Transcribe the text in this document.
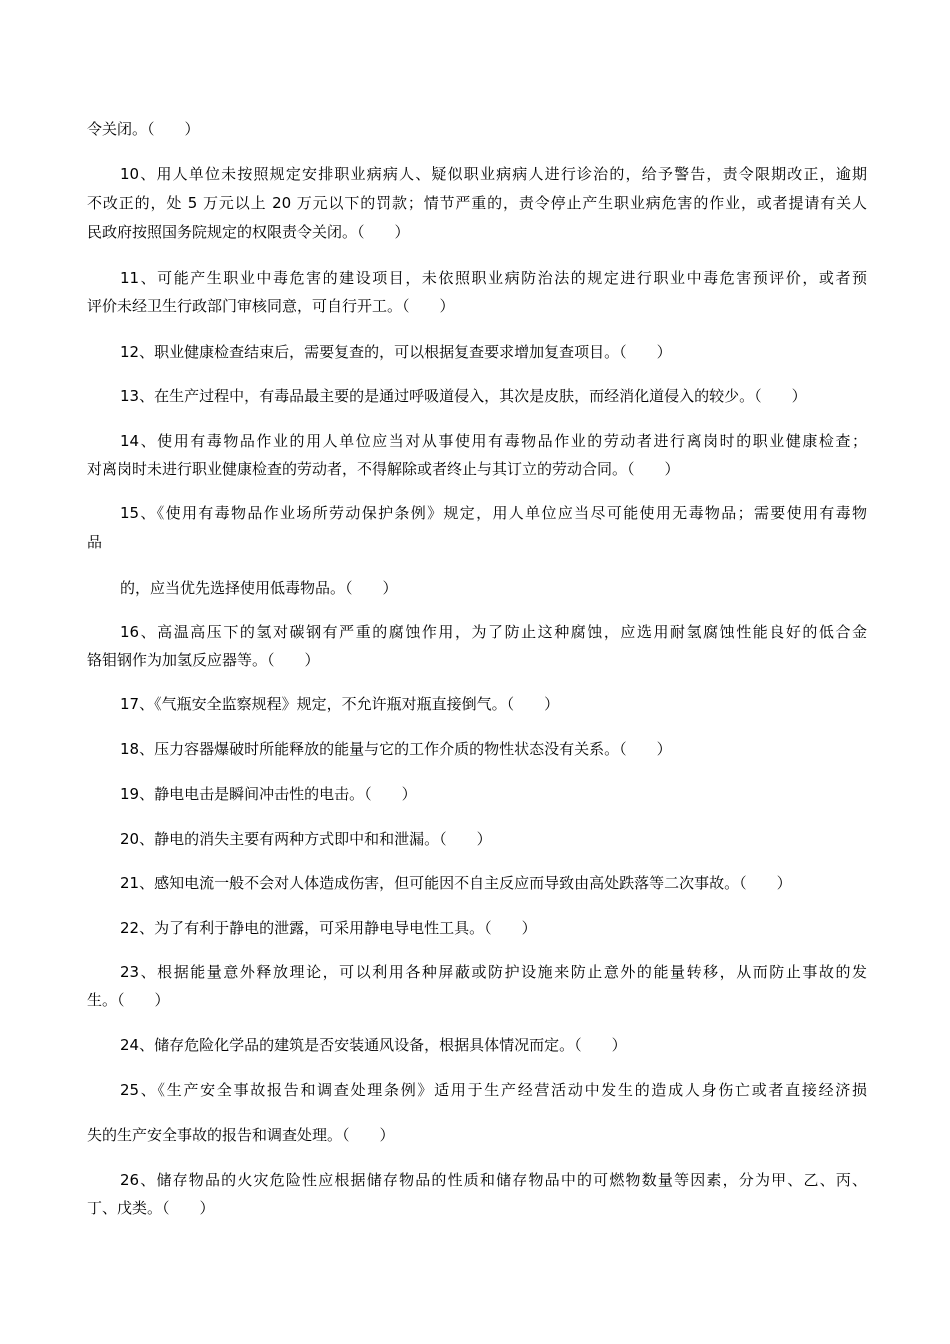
令关闭。（　　）
10、用人单位未按照规定安排职业病病人、疑似职业病病人进行诊治的，给予警告，责令限期改正，逾期
不改正的，处 5 万元以上 20 万元以下的罚款；情节严重的，责令停止产生职业病危害的作业，或者提请有关人
民政府按照国务院规定的权限责令关闭。（　　）
11、可能产生职业中毒危害的建设项目，未依照职业病防治法的规定进行职业中毒危害预评价，或者预
评价未经卫生行政部门审核同意，可自行开工。（　　）
12、职业健康检查结束后，需要复查的，可以根据复查要求增加复查项目。（　　）
13、在生产过程中，有毒品最主要的是通过呼吸道侵入，其次是皮肤，而经消化道侵入的较少。（　　）
14、使用有毒物品作业的用人单位应当对从事使用有毒物品作业的劳动者进行离岗时的职业健康检查；
对离岗时未进行职业健康检查的劳动者，不得解除或者终止与其订立的劳动合同。（　　）
15、《使用有毒物品作业场所劳动保护条例》规定，用人单位应当尽可能使用无毒物品；需要使用有毒物
品
的，应当优先选择使用低毒物品。（　　）
16、高温高压下的氢对碳钢有严重的腐蚀作用，为了防止这种腐蚀，应选用耐氢腐蚀性能良好的低合金
铬钼钢作为加氢反应器等。（　　）
17、《气瓶安全监察规程》规定，不允许瓶对瓶直接倒气。（　　）
18、压力容器爆破时所能释放的能量与它的工作介质的物性状态没有关系。（　　）
19、静电电击是瞬间冲击性的电击。（　　）
20、静电的消失主要有两种方式即中和和泄漏。（　　）
21、感知电流一般不会对人体造成伤害，但可能因不自主反应而导致由高处跌落等二次事故。（　　）
22、为了有利于静电的泄露，可采用静电导电性工具。（　　）
23、根据能量意外释放理论，可以利用各种屏蔽或防护设施来防止意外的能量转移，从而防止事故的发
生。（　　）
24、储存危险化学品的建筑是否安装通风设备，根据具体情况而定。（　　）
25、《生产安全事故报告和调查处理条例》适用于生产经营活动中发生的造成人身伤亡或者直接经济损
失的生产安全事故的报告和调查处理。（　　）
26、储存物品的火灾危险性应根据储存物品的性质和储存物品中的可燃物数量等因素，分为甲、乙、丙、
丁、戊类。（　　）
